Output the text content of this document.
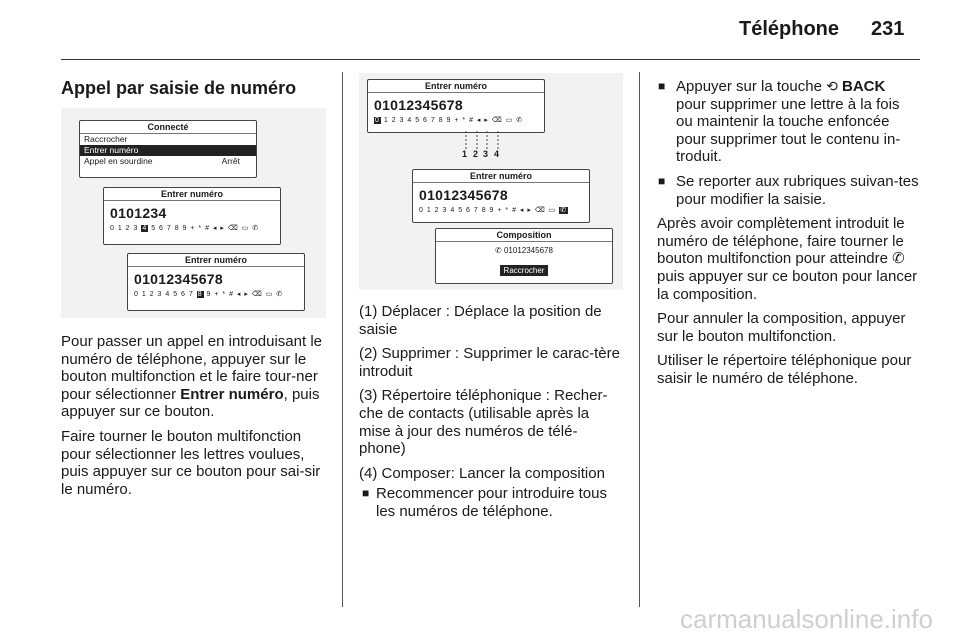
Téléphone 231
Appel par saisie de numéro
Connecté
Raccrocher
Entrer numéro
Appel en sourdine	Arrêt
Entrer numéro
0101234
0 1 2 3 4 5 6 7 8 9 + * # ◂ ▸ ⌫ ▭ ✆
Entrer numéro
01012345678
0 1 2 3 4 5 6 7 8 9 + * # ◂ ▸ ⌫ ▭ ✆

Pour passer un appel en introduisant le numéro de téléphone, appuyer sur le bouton multifonction et le faire tour-ner pour sélectionner Entrer numéro, puis appuyer sur ce bouton.

Faire tourner le bouton multifonction pour sélectionner les lettres voulues, puis appuyer sur ce bouton pour sai-sir le numéro.

Entrer numéro
01012345678
0 1 2 3 4 5 6 7 8 9 + * # ◂ ▸ ⌫ ▭ ✆
1 2 3 4
Entrer numéro
01012345678
0 1 2 3 4 5 6 7 8 9 + * # ◂ ▸ ⌫ ▭ ✆
Composition
✆ 01012345678
Raccrocher

(1) Déplacer : Déplace la position de saisie

(2) Supprimer : Supprimer le carac-tère introduit

(3) Répertoire téléphonique : Recher-che de contacts (utilisable après la mise à jour des numéros de télé-phone)

(4) Composer: Lancer la composition

■ Recommencer pour introduire tous les numéros de téléphone.
■ Appuyer sur la touche ⟲ BACK
pour supprimer une lettre à la fois ou maintenir la touche enfoncée pour supprimer tout le contenu in-troduit.
■ Se reporter aux rubriques suivan-tes pour modifier la saisie.

Après avoir complètement introduit le numéro de téléphone, faire tourner le bouton multifonction pour atteindre ✆ puis appuyer sur ce bouton pour lancer la composition.

Pour annuler la composition, appuyer sur le bouton multifonction.

Utiliser le répertoire téléphonique pour saisir le numéro de téléphone.

carmanualsonline.info
